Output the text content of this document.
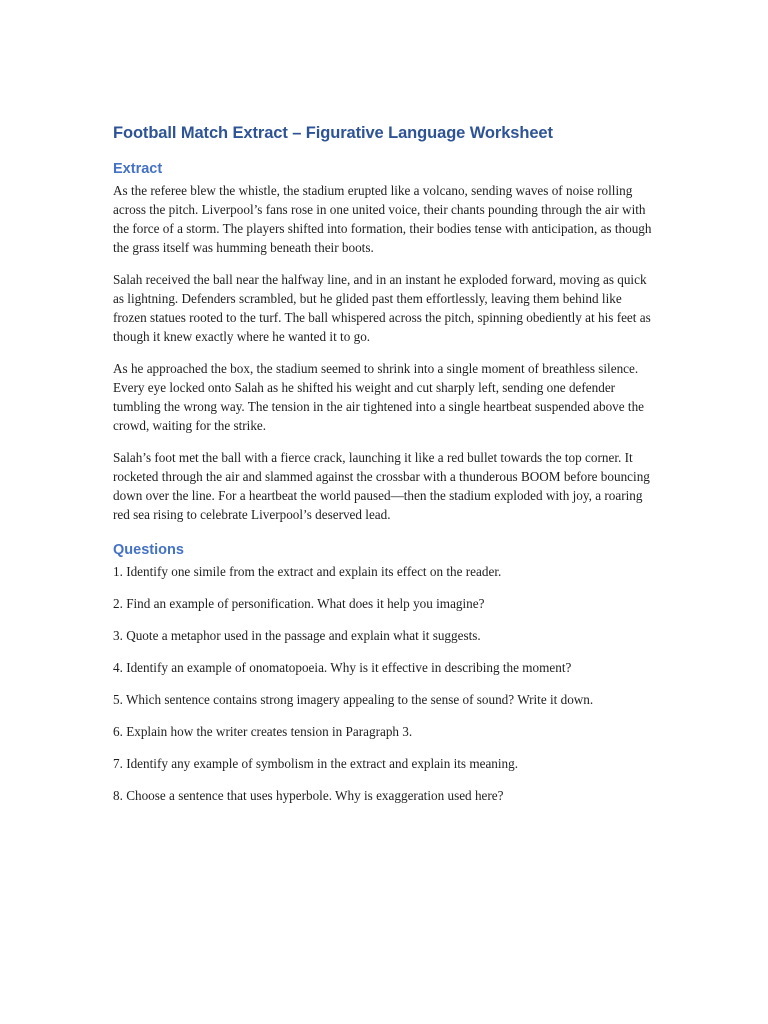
Football Match Extract – Figurative Language Worksheet
Extract

As the referee blew the whistle, the stadium erupted like a volcano, sending waves of noise rolling across the pitch. Liverpool’s fans rose in one united voice, their chants pounding through the air with the force of a storm. The players shifted into formation, their bodies tense with anticipation, as though the grass itself was humming beneath their boots.

Salah received the ball near the halfway line, and in an instant he exploded forward, moving as quick as lightning. Defenders scrambled, but he glided past them effortlessly, leaving them behind like frozen statues rooted to the turf. The ball whispered across the pitch, spinning obediently at his feet as though it knew exactly where he wanted it to go.

As he approached the box, the stadium seemed to shrink into a single moment of breathless silence. Every eye locked onto Salah as he shifted his weight and cut sharply left, sending one defender tumbling the wrong way. The tension in the air tightened into a single heartbeat suspended above the crowd, waiting for the strike.

Salah’s foot met the ball with a fierce crack, launching it like a red bullet towards the top corner. It rocketed through the air and slammed against the crossbar with a thunderous BOOM before bouncing down over the line. For a heartbeat the world paused—then the stadium exploded with joy, a roaring red sea rising to celebrate Liverpool’s deserved lead.

Questions

1. Identify one simile from the extract and explain its effect on the reader.

2. Find an example of personification. What does it help you imagine?

3. Quote a metaphor used in the passage and explain what it suggests.

4. Identify an example of onomatopoeia. Why is it effective in describing the moment?

5. Which sentence contains strong imagery appealing to the sense of sound? Write it down.

6. Explain how the writer creates tension in Paragraph 3.

7. Identify any example of symbolism in the extract and explain its meaning.

8. Choose a sentence that uses hyperbole. Why is exaggeration used here?
